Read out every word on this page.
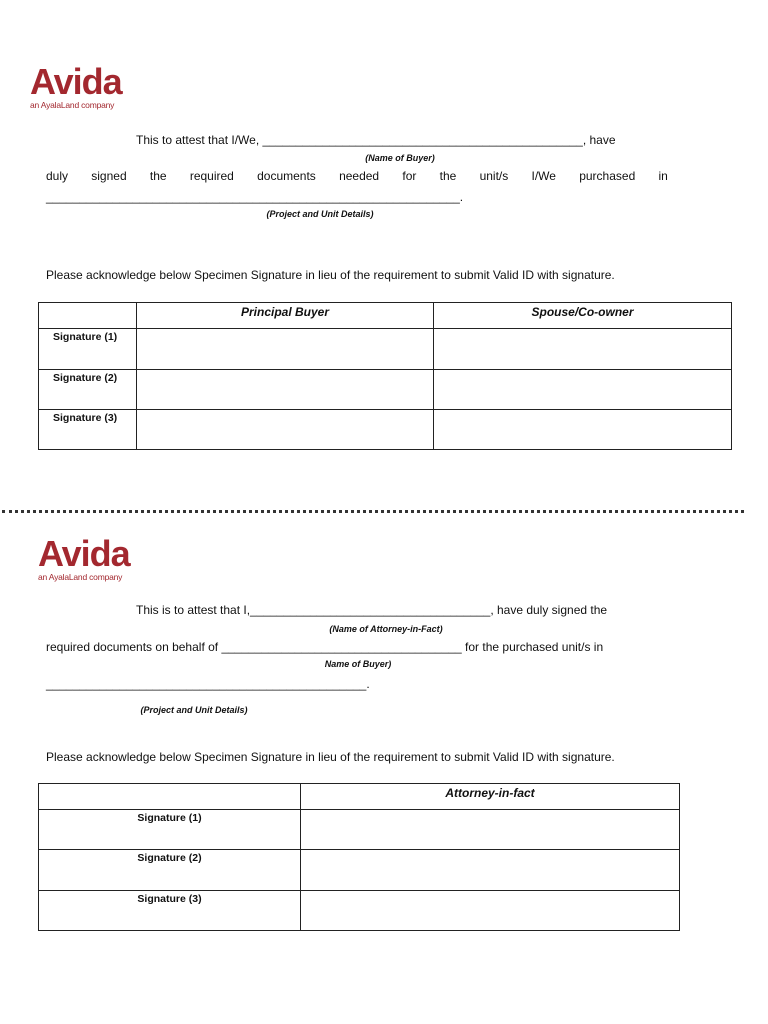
Avida
an AyalaLand company
This to attest that I/We, ________________________________________________, have
(Name of Buyer)
duly signed the required documents needed for the unit/s I/We purchased in
______________________________________________________________.
(Project and Unit Details)
Please acknowledge below Specimen Signature in lieu of the requirement to submit Valid ID with signature.
	Principal Buyer	Spouse/Co-owner
Signature (1)		
Signature (2)		
Signature (3)		
Avida
an AyalaLand company
This is to attest that I,____________________________________, have duly signed the
(Name of Attorney-in-Fact)
required documents on behalf of ____________________________________ for the purchased unit/s in
Name of Buyer)
________________________________________________.
(Project and Unit Details)
Please acknowledge below Specimen Signature in lieu of the requirement to submit Valid ID with signature.
	Attorney-in-fact
Signature (1)	
Signature (2)	
Signature (3)	
